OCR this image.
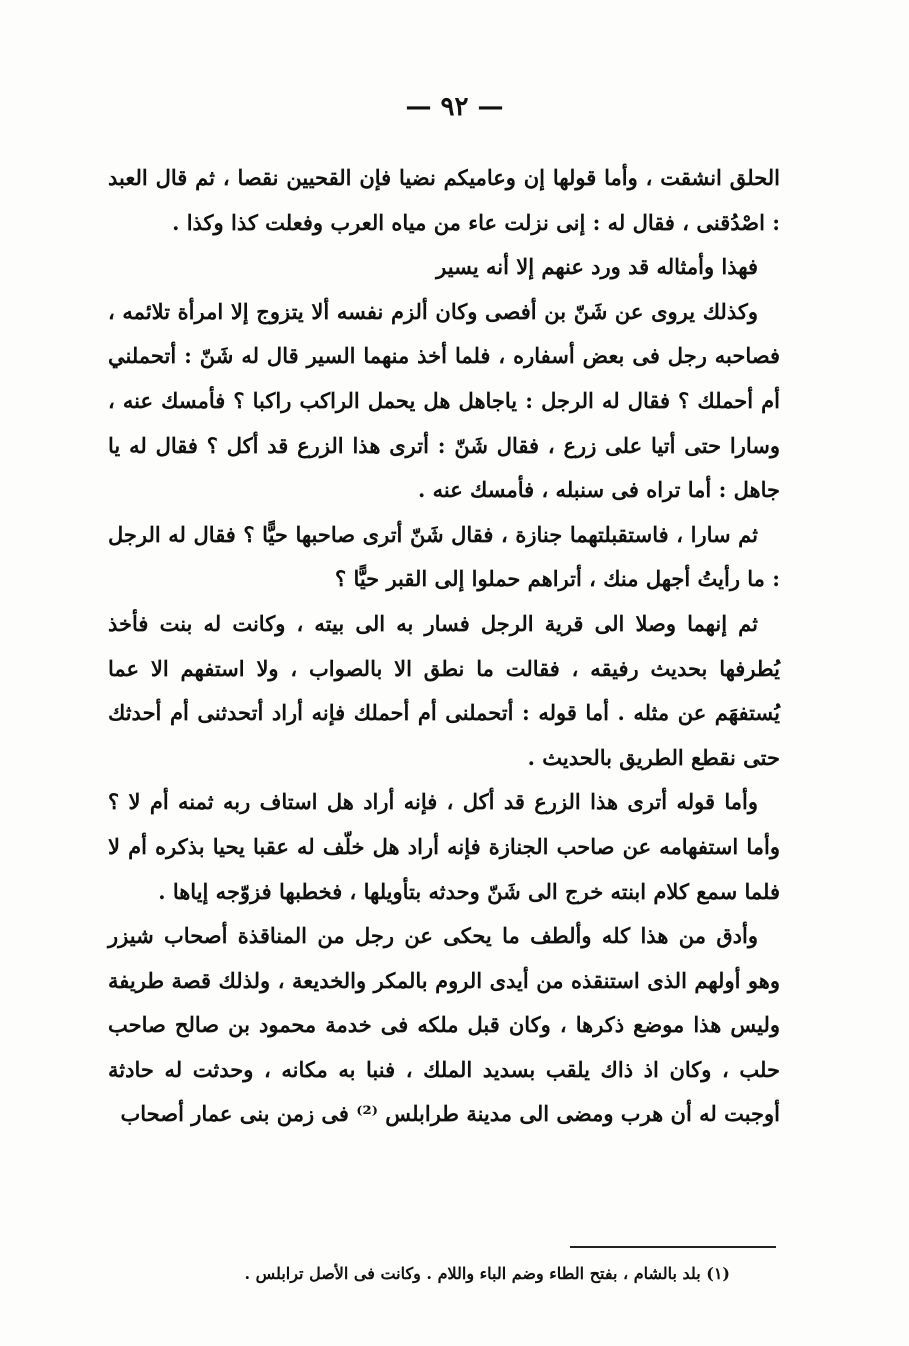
— ٩٢ —

الحلق انشقت ، وأما قولها إن وعاميكم نضيا فإن القحيين نقصا ، ثم قال العبد : اصْدُقنى ، فقال له : إنى نزلت عاء من مياه العرب وفعلت كذا وكذا .

فهذا وأمثاله قد ورد عنهم إلا أنه يسير

وكذلك يروى عن شَنّ بن أفصى وكان ألزم نفسه ألا يتزوج إلا امرأة تلائمه ، فصاحبه رجل فى بعض أسفاره ، فلما أخذ منهما السير قال له شَنّ : أتحملني أم أحملك ؟ فقال له الرجل : ياجاهل هل يحمل الراكب راكبا ؟ فأمسك عنه ، وسارا حتى أتيا على زرع ، فقال شَنّ : أترى هذا الزرع قد أكل ؟ فقال له يا جاهل : أما تراه فى سنبله ، فأمسك عنه .

ثم سارا ، فاستقبلتهما جنازة ، فقال شَنّ أترى صاحبها حيًّا ؟ فقال له الرجل : ما رأيتُ أجهل منك ، أتراهم حملوا إلى القبر حيًّا ؟

ثم إنهما وصلا الى قرية الرجل فسار به الى بيته ، وكانت له بنت فأخذ يُطرفها بحديث رفيقه ، فقالت ما نطق الا بالصواب ، ولا استفهم الا عما يُستفهَم عن مثله . أما قوله : أتحملنى أم أحملك فإنه أراد أتحدثنى أم أحدثك حتى نقطع الطريق بالحديث .

وأما قوله أترى هذا الزرع قد أكل ، فإنه أراد هل استاف ربه ثمنه أم لا ؟ وأما استفهامه عن صاحب الجنازة فإنه أراد هل خلّف له عقبا يحيا بذكره أم لا فلما سمع كلام ابنته خرج الى شَنّ وحدثه بتأويلها ، فخطبها فزوّجه إياها .

وأدق من هذا كله وألطف ما يحكى عن رجل من المناقذة أصحاب شيزر وهو أولهم الذى استنقذه من أيدى الروم بالمكر والخديعة ، ولذلك قصة طريفة وليس هذا موضع ذكرها ، وكان قبل ملكه فى خدمة محمود بن صالح صاحب حلب ، وكان اذ ذاك يلقب بسديد الملك ، فنبا به مكانه ، وحدثت له حادثة أوجبت له أن هرب ومضى الى مدينة طرابلس ⁽²⁾ فى زمن بنى عمار أصحاب

(١) بلد بالشام ، بفتح الطاء وضم الباء واللام . وكانت فى الأصل ترابلس .
